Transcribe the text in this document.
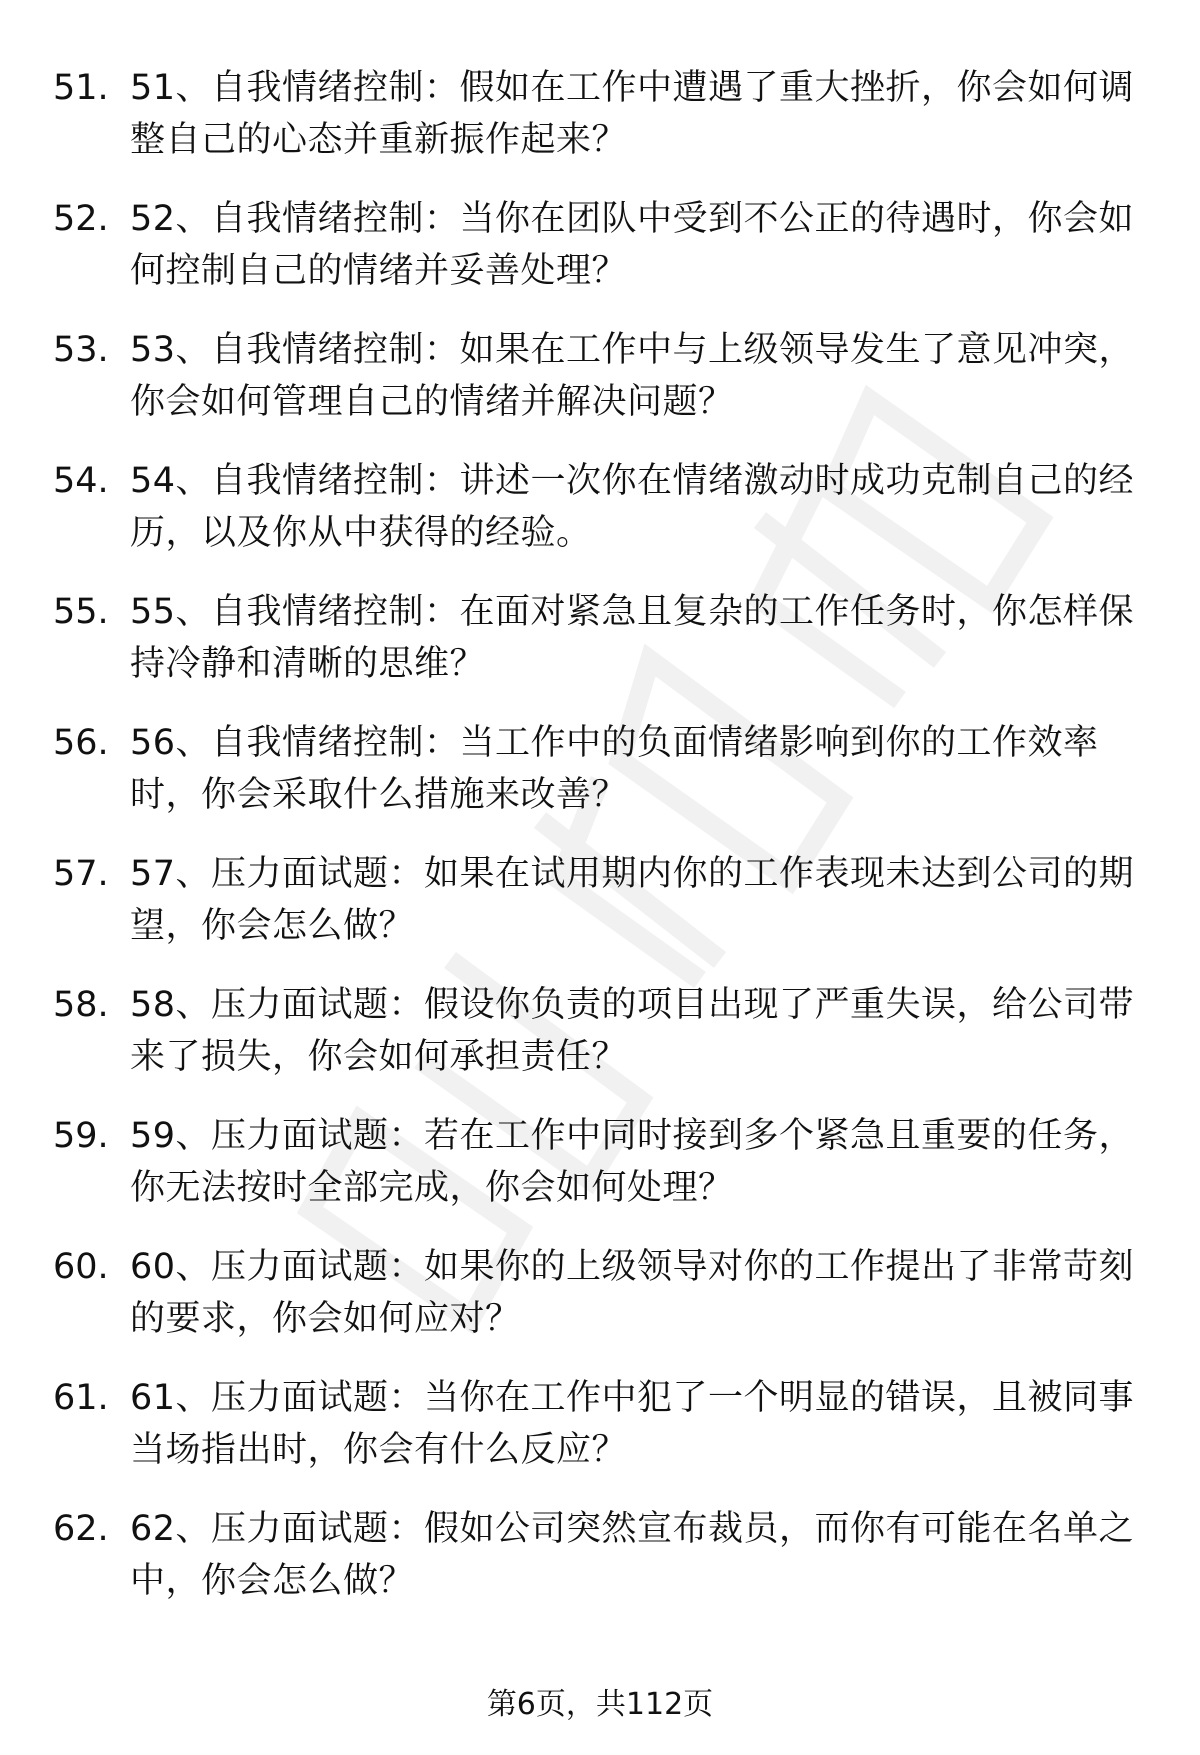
51. 51、自我情绪控制：假如在工作中遭遇了重大挫折，你会如何调整自己的心态并重新振作起来？
52. 52、自我情绪控制：当你在团队中受到不公正的待遇时，你会如何控制自己的情绪并妥善处理？
53. 53、自我情绪控制：如果在工作中与上级领导发生了意见冲突，你会如何管理自己的情绪并解决问题？
54. 54、自我情绪控制：讲述一次你在情绪激动时成功克制自己的经历，以及你从中获得的经验。
55. 55、自我情绪控制：在面对紧急且复杂的工作任务时，你怎样保持冷静和清晰的思维？
56. 56、自我情绪控制：当工作中的负面情绪影响到你的工作效率时，你会采取什么措施来改善？
57. 57、压力面试题：如果在试用期内你的工作表现未达到公司的期望，你会怎么做？
58. 58、压力面试题：假设你负责的项目出现了严重失误，给公司带来了损失，你会如何承担责任？
59. 59、压力面试题：若在工作中同时接到多个紧急且重要的任务，你无法按时全部完成，你会如何处理？
60. 60、压力面试题：如果你的上级领导对你的工作提出了非常苛刻的要求，你会如何应对？
61. 61、压力面试题：当你在工作中犯了一个明显的错误，且被同事当场指出时，你会有什么反应？
62. 62、压力面试题：假如公司突然宣布裁员，而你有可能在名单之中，你会怎么做？
第6页，共112页
